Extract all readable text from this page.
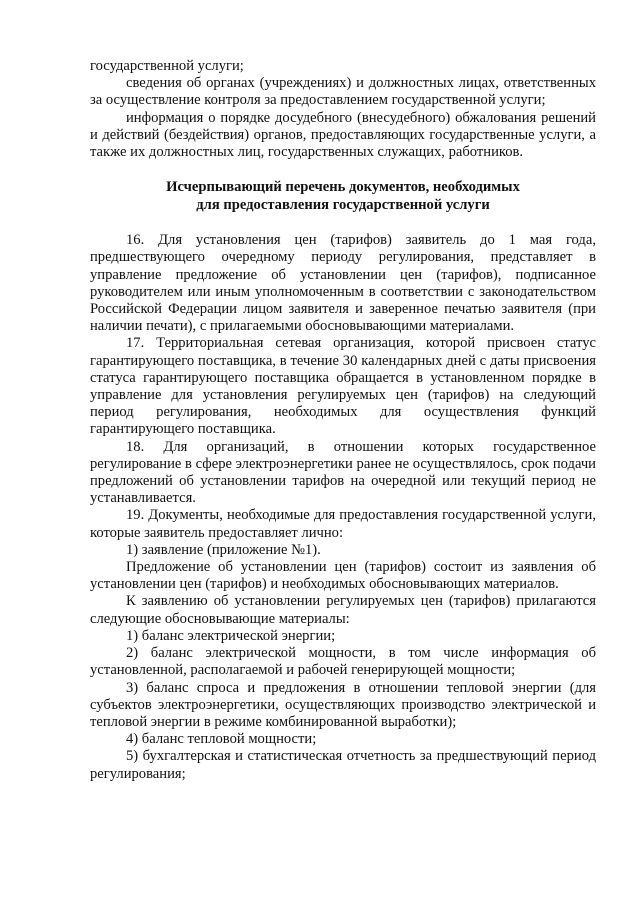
государственной услуги;

сведения об органах (учреждениях) и должностных лицах, ответственных за осуществление контроля за предоставлением государственной услуги;

информация о порядке досудебного (внесудебного) обжалования решений и действий (бездействия) органов, предоставляющих государственные услуги, а также их должностных лиц, государственных служащих, работников.

Исчерпывающий перечень документов, необходимых
для предоставления государственной услуги

16. Для установления цен (тарифов) заявитель до 1 мая года, предшествующего очередному периоду регулирования, представляет в управление предложение об установлении цен (тарифов), подписанное руководителем или иным уполномоченным в соответствии с законодательством Российской Федерации лицом заявителя и заверенное печатью заявителя (при наличии печати), с прилагаемыми обосновывающими материалами.

17. Территориальная сетевая организация, которой присвоен статус гарантирующего поставщика, в течение 30 календарных дней с даты присвоения статуса гарантирующего поставщика обращается в установленном порядке в управление для установления регулируемых цен (тарифов) на следующий период регулирования, необходимых для осуществления функций гарантирующего поставщика.

18. Для организаций, в отношении которых государственное регулирование в сфере электроэнергетики ранее не осуществлялось, срок подачи предложений об установлении тарифов на очередной или текущий период не устанавливается.

19. Документы, необходимые для предоставления государственной услуги, которые заявитель предоставляет лично:

1) заявление (приложение №1).

Предложение об установлении цен (тарифов) состоит из заявления об установлении цен (тарифов) и необходимых обосновывающих материалов.

К заявлению об установлении регулируемых цен (тарифов) прилагаются следующие обосновывающие материалы:

1) баланс электрической энергии;

2) баланс электрической мощности, в том числе информация об установленной, располагаемой и рабочей генерирующей мощности;

3) баланс спроса и предложения в отношении тепловой энергии (для субъектов электроэнергетики, осуществляющих производство электрической и тепловой энергии в режиме комбинированной выработки);

4) баланс тепловой мощности;

5) бухгалтерская и статистическая отчетность за предшествующий период регулирования;
